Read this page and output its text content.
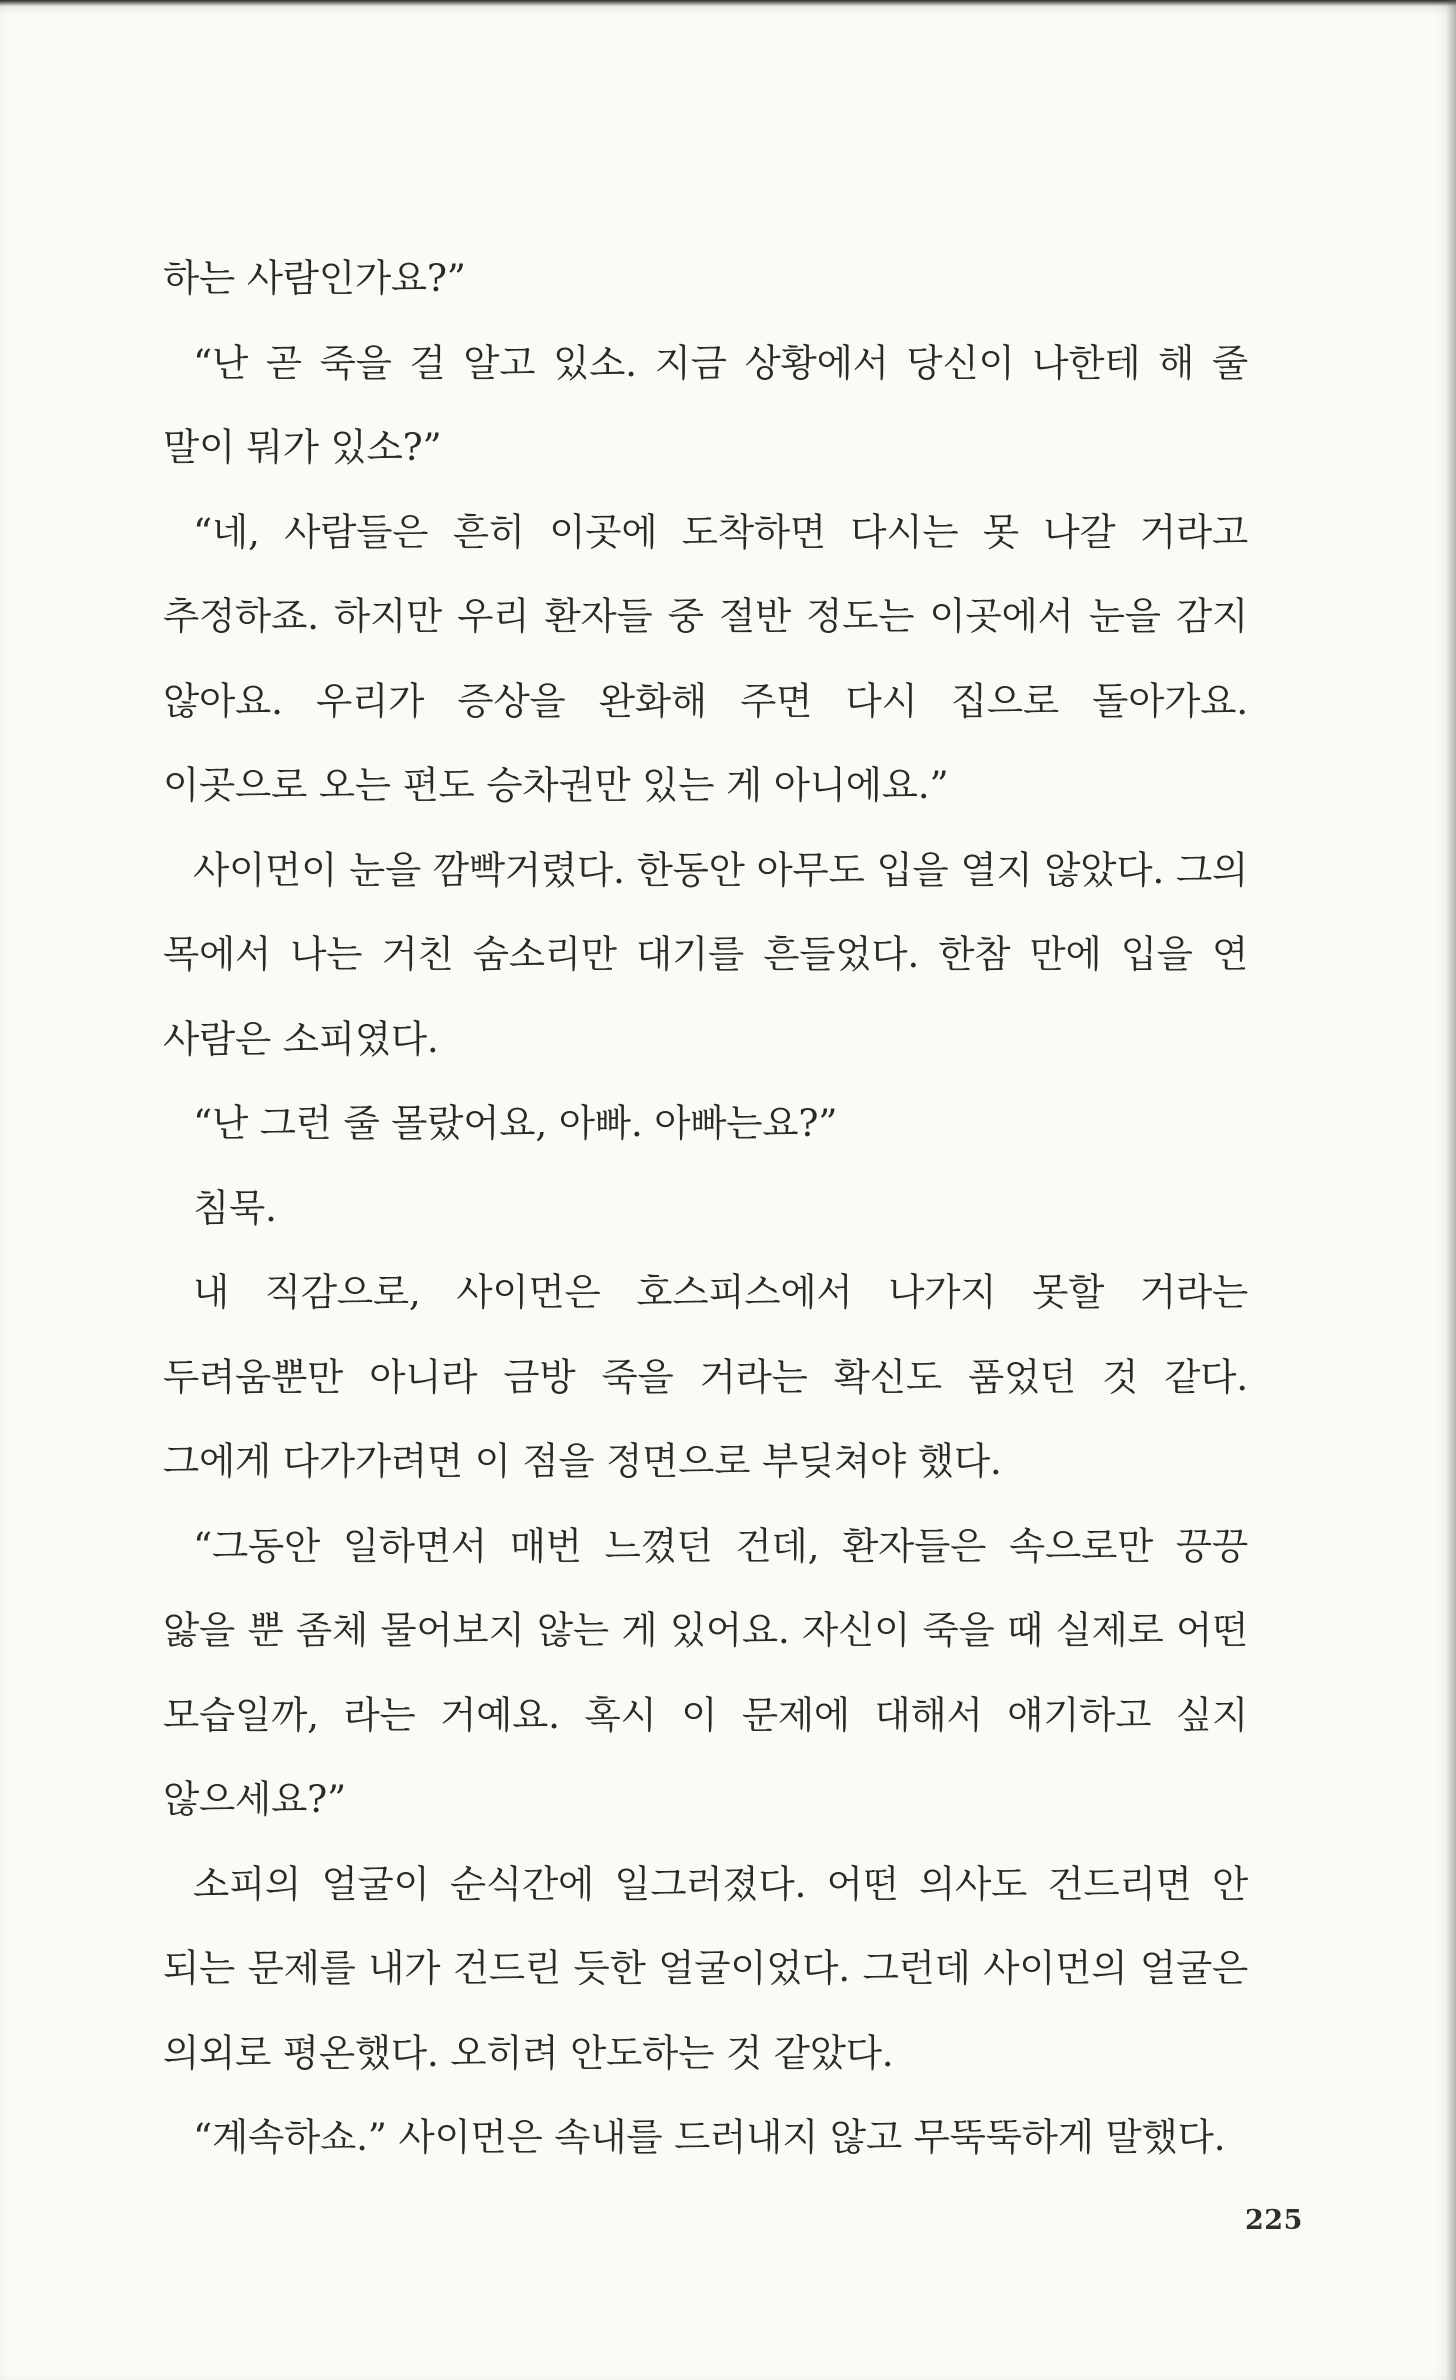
하는 사람인가요?”

“난 곧 죽을 걸 알고 있소. 지금 상황에서 당신이 나한테 해 줄 말이 뭐가 있소?”

“네, 사람들은 흔히 이곳에 도착하면 다시는 못 나갈 거라고 추정하죠. 하지만 우리 환자들 중 절반 정도는 이곳에서 눈을 감지 않아요. 우리가 증상을 완화해 주면 다시 집으로 돌아가요. 이곳으로 오는 편도 승차권만 있는 게 아니에요.”

사이먼이 눈을 깜빡거렸다. 한동안 아무도 입을 열지 않았다. 그의 목에서 나는 거친 숨소리만 대기를 흔들었다. 한참 만에 입을 연 사람은 소피였다.

“난 그런 줄 몰랐어요, 아빠. 아빠는요?”

침묵.

내 직감으로, 사이먼은 호스피스에서 나가지 못할 거라는 두려움뿐만 아니라 금방 죽을 거라는 확신도 품었던 것 같다. 그에게 다가가려면 이 점을 정면으로 부딪쳐야 했다.

“그동안 일하면서 매번 느꼈던 건데, 환자들은 속으로만 끙끙 앓을 뿐 좀체 물어보지 않는 게 있어요. 자신이 죽을 때 실제로 어떤 모습일까, 라는 거예요. 혹시 이 문제에 대해서 얘기하고 싶지 않으세요?”

소피의 얼굴이 순식간에 일그러졌다. 어떤 의사도 건드리면 안 되는 문제를 내가 건드린 듯한 얼굴이었다. 그런데 사이먼의 얼굴은 의외로 평온했다. 오히려 안도하는 것 같았다.

“계속하쇼.” 사이먼은 속내를 드러내지 않고 무뚝뚝하게 말했다.

225
